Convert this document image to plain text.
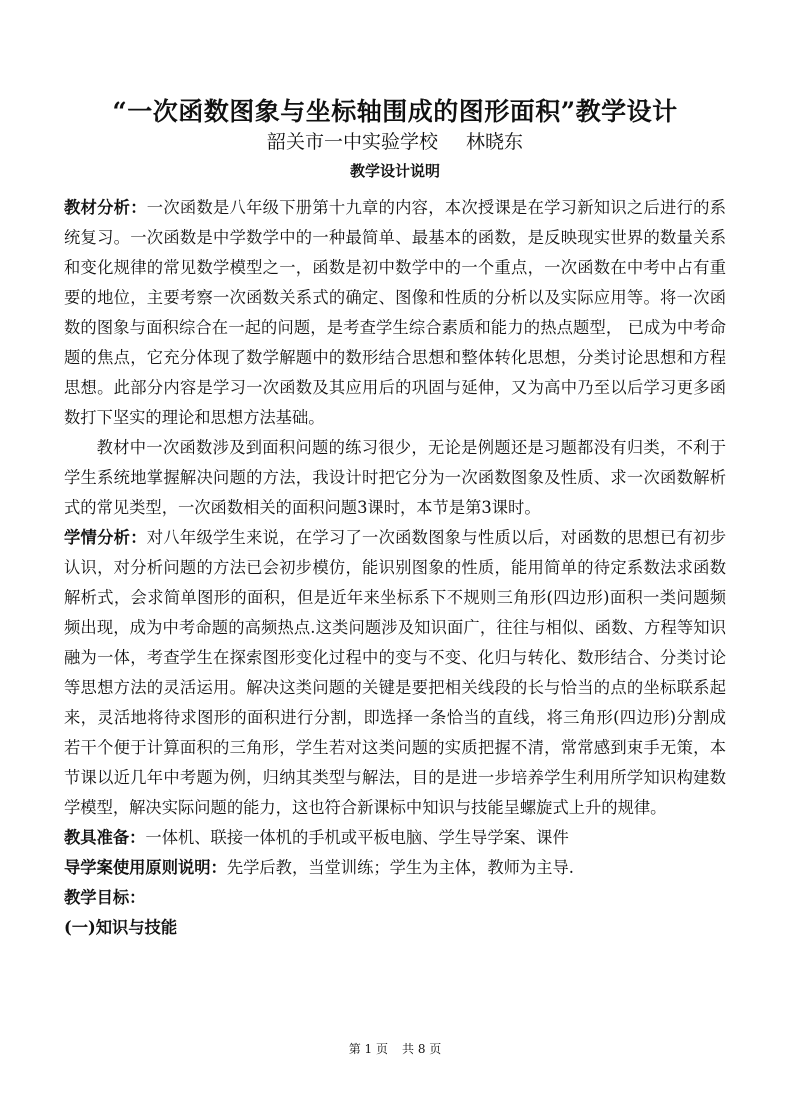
“一次函数图象与坐标轴围成的图形面积”教学设计
韶关市一中实验学校 林晓东
教学设计说明

教材分析：一次函数是八年级下册第十九章的内容，本次授课是在学习新知识之后进行的系统复习。一次函数是中学数学中的一种最简单、最基本的函数，是反映现实世界的数量关系和变化规律的常见数学模型之一，函数是初中数学中的一个重点，一次函数在中考中占有重要的地位，主要考察一次函数关系式的确定、图像和性质的分析以及实际应用等。将一次函数的图象与面积综合在一起的问题，是考查学生综合素质和能力的热点题型， 已成为中考命题的焦点，它充分体现了数学解题中的数形结合思想和整体转化思想，分类讨论思想和方程思想。此部分内容是学习一次函数及其应用后的巩固与延伸，又为高中乃至以后学习更多函数打下坚实的理论和思想方法基础。

教材中一次函数涉及到面积问题的练习很少，无论是例题还是习题都没有归类，不利于学生系统地掌握解决问题的方法，我设计时把它分为一次函数图象及性质、求一次函数解析式的常见类型，一次函数相关的面积问题3课时，本节是第3课时。

学情分析：对八年级学生来说，在学习了一次函数图象与性质以后，对函数的思想已有初步认识，对分析问题的方法已会初步模仿，能识别图象的性质，能用简单的待定系数法求函数解析式，会求简单图形的面积，但是近年来坐标系下不规则三角形(四边形)面积一类问题频频出现，成为中考命题的高频热点.这类问题涉及知识面广，往往与相似、函数、方程等知识融为一体，考查学生在探索图形变化过程中的变与不变、化归与转化、数形结合、分类讨论等思想方法的灵活运用。解决这类问题的关键是要把相关线段的长与恰当的点的坐标联系起来，灵活地将待求图形的面积进行分割，即选择一条恰当的直线，将三角形(四边形)分割成若干个便于计算面积的三角形，学生若对这类问题的实质把握不清，常常感到束手无策，本节课以近几年中考题为例，归纳其类型与解法，目的是进一步培养学生利用所学知识构建数学模型，解决实际问题的能力，这也符合新课标中知识与技能呈螺旋式上升的规律。

教具准备：一体机、联接一体机的手机或平板电脑、学生导学案、课件

导学案使用原则说明：先学后教，当堂训练；学生为主体，教师为主导.

教学目标：

(一)知识与技能

第 1 页 共 8 页
